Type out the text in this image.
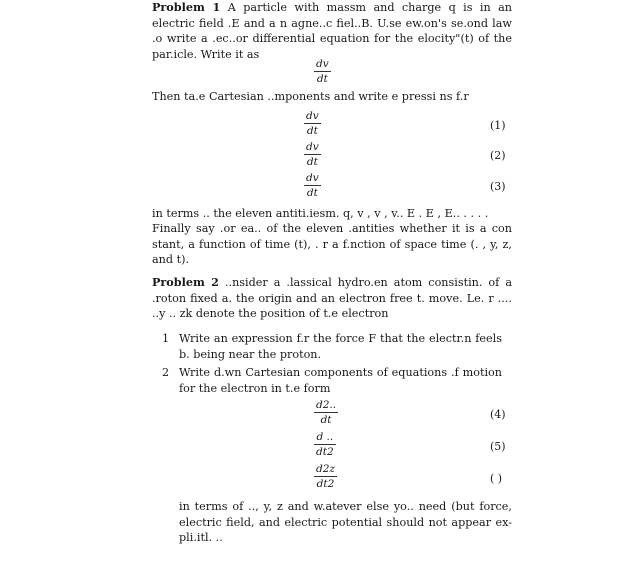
Problem 1 A particle with massm and charge q is in an electric field .E and a n agne..c fiel..B. U.se ew.on's se.ond law .o write a .ec..or differential equation for the elocity"(t) of the par.icle. Write it as
dv
dt
Then ta.e Cartesian ..mponents and write e pressi ns f.r
dv
dt	(1)
dv
dt	(2)
dv
dt	(3)
in terms .. the eleven antiti.iesm. q, v , v , v.. E . E , E.. . . . .
Finally say .or ea.. of the eleven .antities whether it is a con stant, a function of time (t), . r a f.nction of space time (. , y, z, and t).
Problem 2 ..nsider a .lassical hydro.en atom consistin. of a .roton fixed a. the origin and an electron free t. move. Le. r .... ..y .. zk denote the position of t.e electron
1 Write an expression f.r the force F that the electr.n feels b. being near the proton.
2 Write d.wn Cartesian components of equations .f motion for the electron in t.e form
d2..
dt	(4)
d ..
dt2	(5)
d2z
dt2	( )
in terms of .., y, z and w.atever else yo.. need (but force, electric field, and electric potential should not appear ex- pli.itl. ..
